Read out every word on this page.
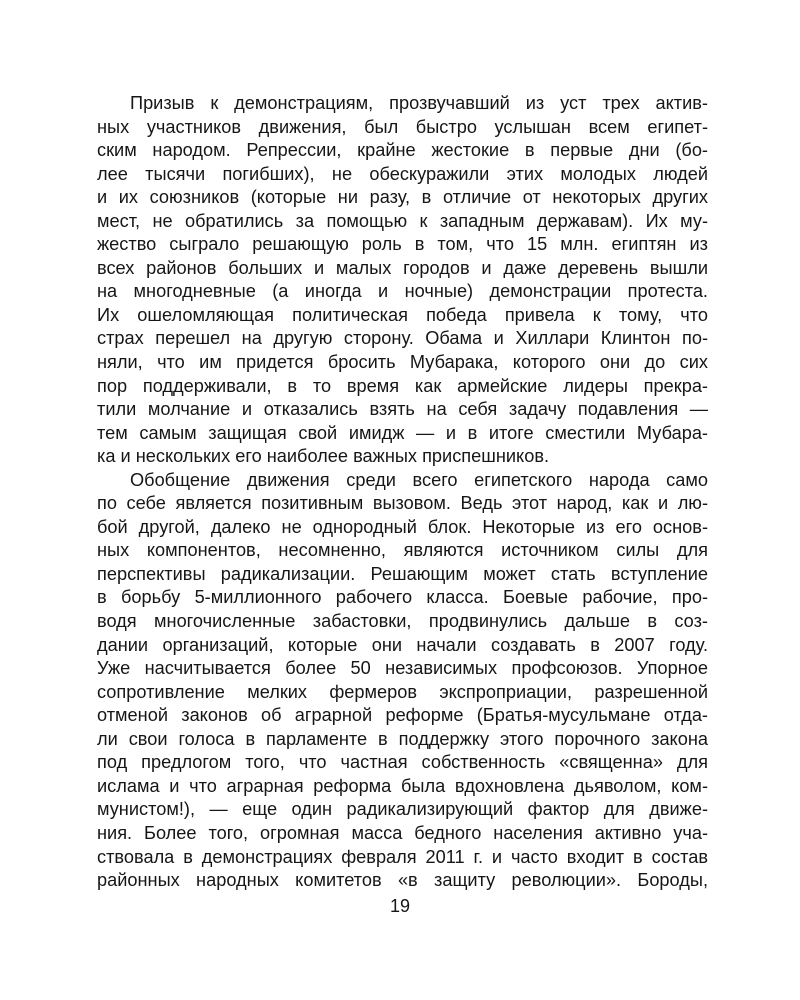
Призыв к демонстрациям, прозвучавший из уст трех актив-
ных участников движения, был быстро услышан всем египет-
ским народом. Репрессии, крайне жестокие в первые дни (бо-
лее тысячи погибших), не обескуражили этих молодых людей
и их союзников (которые ни разу, в отличие от некоторых других
мест, не обратились за помощью к западным державам). Их му-
жество сыграло решающую роль в том, что 15 млн. египтян из
всех районов больших и малых городов и даже деревень вышли
на многодневные (а иногда и ночные) демонстрации протеста.
Их ошеломляющая политическая победа привела к тому, что
страх перешел на другую сторону. Обама и Хиллари Клинтон по-
няли, что им придется бросить Мубарака, которого они до сих
пор поддерживали, в то время как армейские лидеры прекра-
тили молчание и отказались взять на себя задачу подавления —
тем самым защищая свой имидж — и в итоге сместили Мубара-
ка и нескольких его наиболее важных приспешников.
Обобщение движения среди всего египетского народа само
по себе является позитивным вызовом. Ведь этот народ, как и лю-
бой другой, далеко не однородный блок. Некоторые из его основ-
ных компонентов, несомненно, являются источником силы для
перспективы радикализации. Решающим может стать вступление
в борьбу 5-миллионного рабочего класса. Боевые рабочие, про-
водя многочисленные забастовки, продвинулись дальше в соз-
дании организаций, которые они начали создавать в 2007 году.
Уже насчитывается более 50 независимых профсоюзов. Упорное
сопротивление мелких фермеров экспроприации, разрешенной
отменой законов об аграрной реформе (Братья-мусульмане отда-
ли свои голоса в парламенте в поддержку этого порочного закона
под предлогом того, что частная собственность «священна» для
ислама и что аграрная реформа была вдохновлена дьяволом, ком-
мунистом!), — еще один радикализирующий фактор для движе-
ния. Более того, огромная масса бедного населения активно уча-
ствовала в демонстрациях февраля 2011 г. и часто входит в состав
районных народных комитетов «в защиту революции». Бороды,
19
